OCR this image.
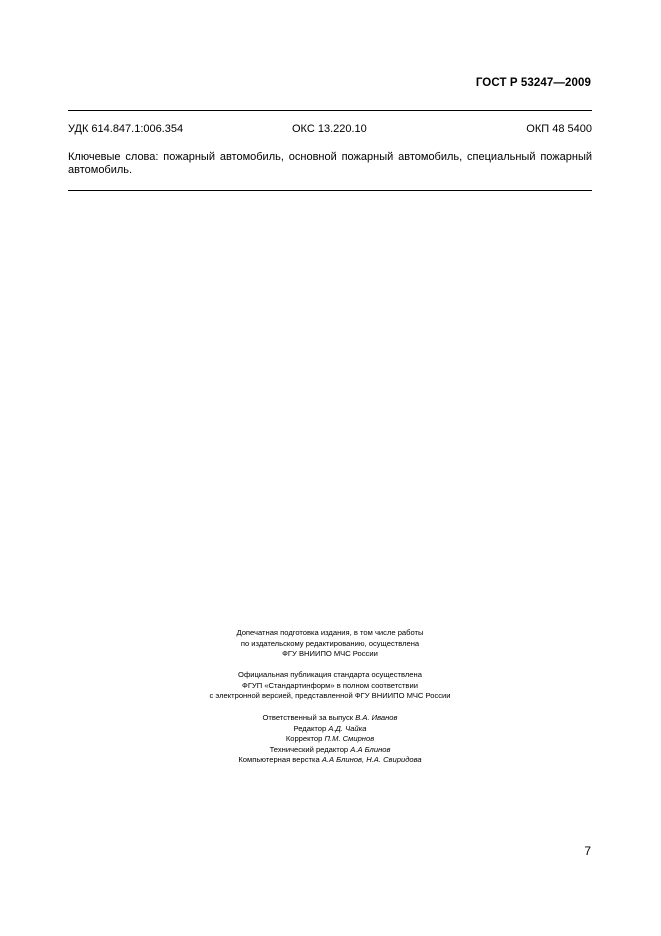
ГОСТ Р 53247—2009
УДК 614.847.1:006.354	ОКС 13.220.10	ОКП 48 5400
Ключевые слова: пожарный автомобиль, основной пожарный автомобиль, специальный пожарный автомобиль.
Допечатная подготовка издания, в том числе работы
по издательскому редактированию, осуществлена
ФГУ ВНИИПО МЧС России
Официальная публикация стандарта осуществлена
ФГУП «Стандартинформ» в полном соответствии
с электронной версией, представленной ФГУ ВНИИПО МЧС России
Ответственный за выпуск В.А. Иванов
Редактор А.Д. Чайка
Корректор П.М. Смирнов
Технический редактор А.А Блинов
Компьютерная верстка А.А Блинов, Н.А. Свиридова
7
